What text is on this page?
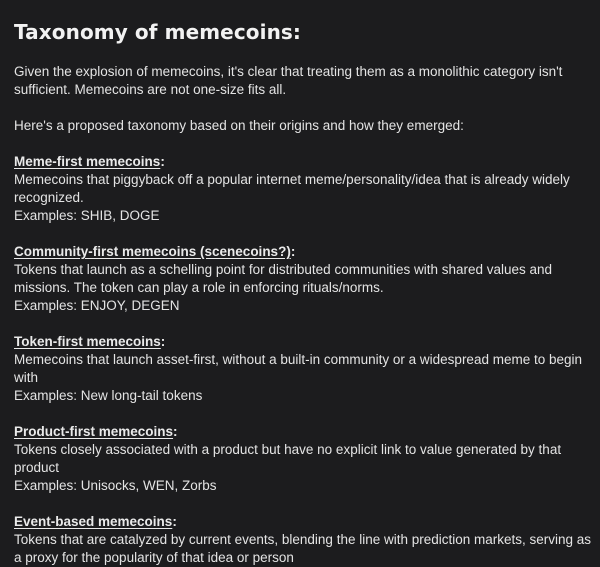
Taxonomy of memecoins:

Given the explosion of memecoins, it's clear that treating them as a monolithic category isn't sufficient. Memecoins are not one-size fits all.

Here's a proposed taxonomy based on their origins and how they emerged:

Meme-first memecoins:

Memecoins that piggyback off a popular internet meme/personality/idea that is already widely recognized.

Examples: SHIB, DOGE

Community-first memecoins (scenecoins?):

Tokens that launch as a schelling point for distributed communities with shared values and missions. The token can play a role in enforcing rituals/norms.

Examples: ENJOY, DEGEN

Token-first memecoins:

Memecoins that launch asset-first, without a built-in community or a widespread meme to begin with

Examples: New long-tail tokens

Product-first memecoins:

Tokens closely associated with a product but have no explicit link to value generated by that product

Examples: Unisocks, WEN, Zorbs

Event-based memecoins:

Tokens that are catalyzed by current events, blending the line with prediction markets, serving as a proxy for the popularity of that idea or person
